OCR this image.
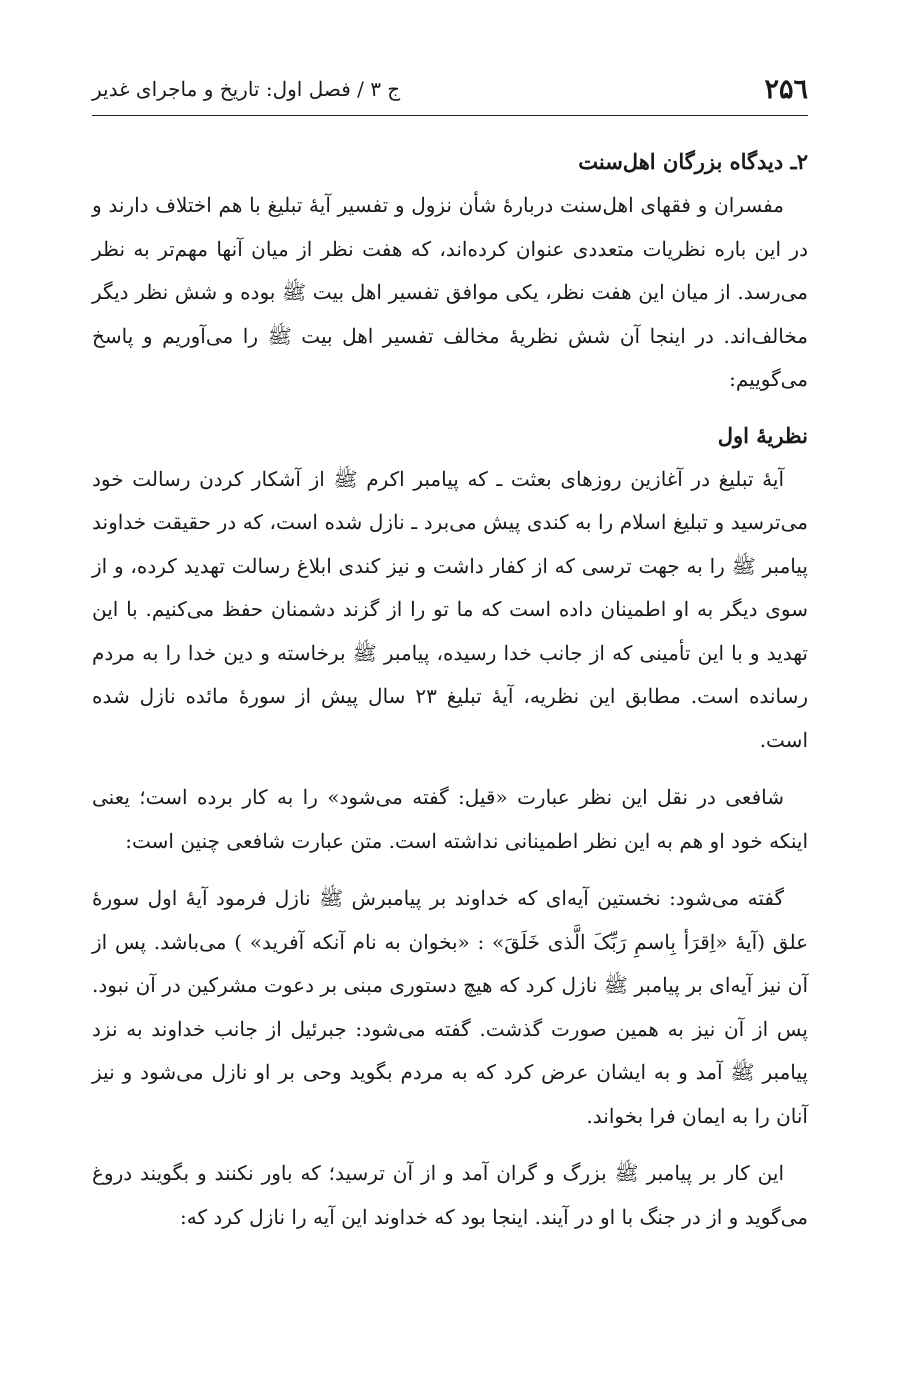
۲۵٦
ج ۳ / فصل اول: تاریخ و ماجرای غدیر
۲ـ دیدگاه بزرگان اهل‌سنت

مفسران و فقهای اهل‌سنت دربارهٔ شأن نزول و تفسیر آیهٔ تبلیغ با هم اختلاف دارند و در این باره نظریات متعددی عنوان کرده‌اند، که هفت نظر از میان آنها مهم‌تر به نظر می‌رسد. از میان این هفت نظر، یکی موافق تفسیر اهل بیت ﷺ بوده و شش نظر دیگر مخالف‌اند. در اینجا آن شش نظریهٔ مخالف تفسیر اهل بیت ﷺ را می‌آوریم و پاسخ می‌گوییم:

نظریهٔ اول

آیهٔ تبلیغ در آغازین روزهای بعثت ـ که پیامبر اکرم ﷺ از آشکار کردن رسالت خود می‌ترسید و تبلیغ اسلام را به کندی پیش می‌برد ـ نازل شده است، که در حقیقت خداوند پیامبر ﷺ را به جهت ترسی که از کفار داشت و نیز کندی ابلاغ رسالت تهدید کرده، و از سوی دیگر به او اطمینان داده است که ما تو را از گزند دشمنان حفظ می‌کنیم. با این تهدید و با این تأمینی که از جانب خدا رسیده، پیامبر ﷺ برخاسته و دین خدا را به مردم رسانده است. مطابق این نظریه، آیهٔ تبلیغ ۲۳ سال پیش از سورهٔ مائده نازل شده است.

شافعی در نقل این نظر عبارت «قیل: گفته می‌شود» را به کار برده است؛ یعنی اینکه خود او هم به این نظر اطمینانی نداشته است. متن عبارت شافعی چنین است:

گفته می‌شود: نخستین آیه‌ای که خداوند بر پیامبرش ﷺ نازل فرمود آیهٔ اول سورهٔ علق (آیهٔ «اِقرَأ بِاسمِ رَبِّکَ الَّذی خَلَقَ» : «بخوان به نام آنکه آفرید» ) می‌باشد. پس از آن نیز آیه‌ای بر پیامبر ﷺ نازل کرد که هیچ دستوری مبنی بر دعوت مشرکین در آن نبود. پس از آن نیز به همین صورت گذشت. گفته می‌شود: جبرئیل از جانب خداوند به نزد پیامبر ﷺ آمد و به ایشان عرض کرد که به مردم بگوید وحی بر او نازل می‌شود و نیز آنان را به ایمان فرا بخواند.

این کار بر پیامبر ﷺ بزرگ و گران آمد و از آن ترسید؛ که باور نکنند و بگویند دروغ می‌گوید و از در جنگ با او در آیند. اینجا بود که خداوند این آیه را نازل کرد که:
